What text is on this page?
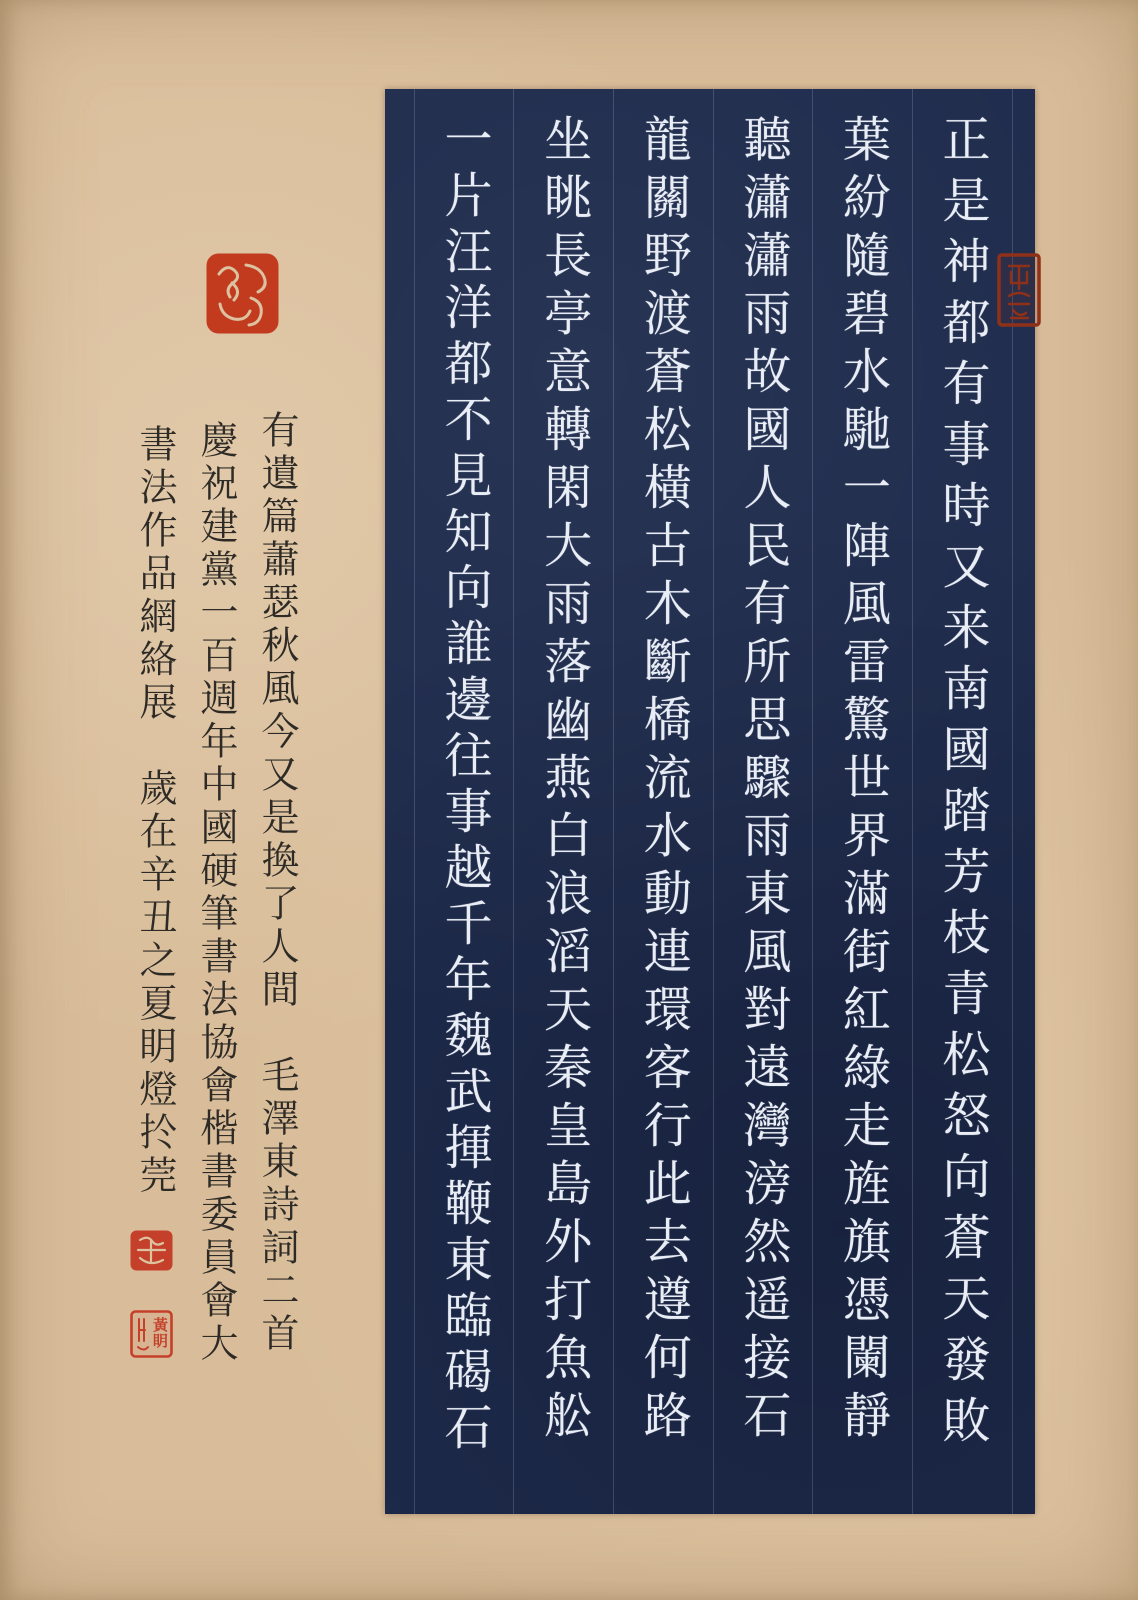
正是神都有事時又来南國踏芳枝青松怒向蒼天發敗
葉紛隨碧水馳一陣風雷驚世界滿街紅綠走旌旗憑闌靜
聽瀟瀟雨故國人民有所思驟雨東風對遠灣滂然遥接石
龍關野渡蒼松橫古木斷橋流水動連環客行此去遵何路
坐眺長亭意轉閑大雨落幽燕白浪滔天秦皇島外打魚舩
一片汪洋都不見知向誰邊往事越千年魏武揮鞭東臨碣石
有遺篇蕭瑟秋風今又是換了人間　毛澤東詩詞二首
慶祝建黨一百週年中國硬筆書法協會楷書委員會大
書法作品網絡展　歲在辛丑之夏眀燈扵莞
黃眀
